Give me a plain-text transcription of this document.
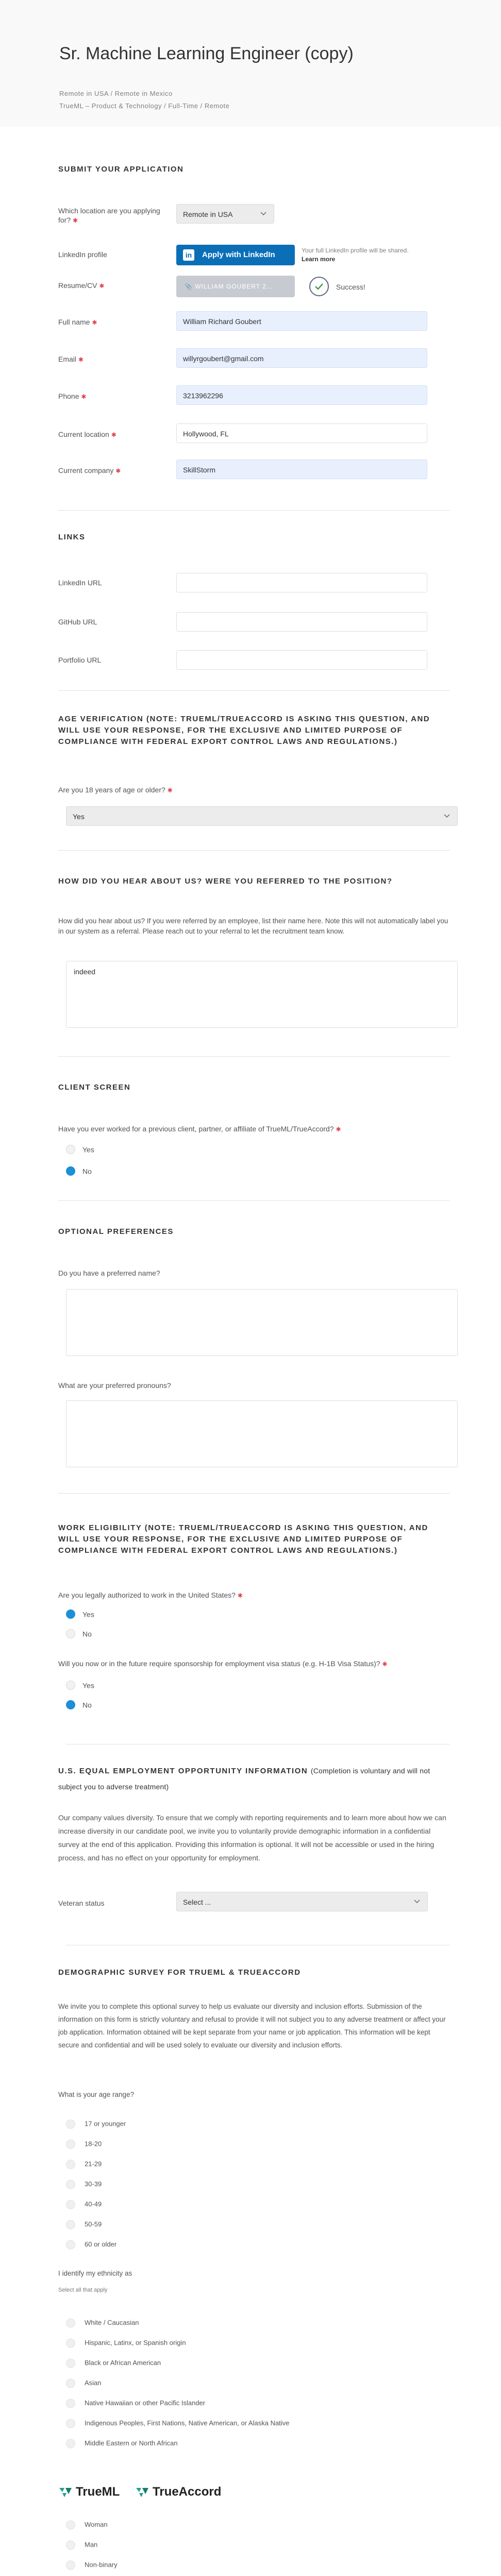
Sr. Machine Learning Engineer (copy)
Remote in USA / Remote in Mexico
TrueML – Product & Technology / Full-Time / Remote
SUBMIT YOUR APPLICATION
Which location are you applying for? ✱
Remote in USA
LinkedIn profile	in	Apply with LinkedIn	Your full LinkedIn profile will be shared. Learn more
Resume/CV ✱	📎 WILLIAM GOUBERT 2…	Success!
Full name ✱	William Richard Goubert
Email ✱	willyrgoubert@gmail.com
Phone ✱	3213962296
Current location ✱	Hollywood, FL
Current company ✱	SkillStorm
LINKS
LinkedIn URL
GitHub URL
Portfolio URL
AGE VERIFICATION (NOTE: TRUEML/TRUEACCORD IS ASKING THIS QUESTION, AND WILL USE YOUR RESPONSE, FOR THE EXCLUSIVE AND LIMITED PURPOSE OF COMPLIANCE WITH FEDERAL EXPORT CONTROL LAWS AND REGULATIONS.)
Are you 18 years of age or older? ✱
Yes
HOW DID YOU HEAR ABOUT US? WERE YOU REFERRED TO THE POSITION?
How did you hear about us? If you were referred by an employee, list their name here. Note this will not automatically label you in our system as a referral. Please reach out to your referral to let the recruitment team know.
indeed
CLIENT SCREEN
Have you ever worked for a previous client, partner, or affiliate of TrueML/TrueAccord? ✱
Yes
No
OPTIONAL PREFERENCES
Do you have a preferred name?
What are your preferred pronouns?
WORK ELIGIBILITY (NOTE: TRUEML/TRUEACCORD IS ASKING THIS QUESTION, AND WILL USE YOUR RESPONSE, FOR THE EXCLUSIVE AND LIMITED PURPOSE OF COMPLIANCE WITH FEDERAL EXPORT CONTROL LAWS AND REGULATIONS.)
Are you legally authorized to work in the United States? ✱
Yes
No
Will you now or in the future require sponsorship for employment visa status (e.g. H-1B Visa Status)? ✱
Yes
No
U.S. EQUAL EMPLOYMENT OPPORTUNITY INFORMATION (Completion is voluntary and will not subject you to adverse treatment)
Our company values diversity. To ensure that we comply with reporting requirements and to learn more about how we can increase diversity in our candidate pool, we invite you to voluntarily provide demographic information in a confidential survey at the end of this application. Providing this information is optional. It will not be accessible or used in the hiring process, and has no effect on your opportunity for employment.
Veteran status	Select ...
DEMOGRAPHIC SURVEY FOR TRUEML & TRUEACCORD
We invite you to complete this optional survey to help us evaluate our diversity and inclusion efforts. Submission of the information on this form is strictly voluntary and refusal to provide it will not subject you to any adverse treatment or affect your job application. Information obtained will be kept separate from your name or job application. This information will be kept secure and confidential and will be used solely to evaluate our diversity and inclusion efforts.
What is your age range?
17 or younger
18-20
21-29
30-39
40-49
50-59
60 or older
I identify my ethnicity as
Select all that apply
White / Caucasian
Hispanic, Latinx, or Spanish origin
Black or African American
Asian
Native Hawaiian or other Pacific Islander
Indigenous Peoples, First Nations, Native American, or Alaska Native
Middle Eastern or North African
TrueML	TrueAccord
Woman
Man
Non-binary
